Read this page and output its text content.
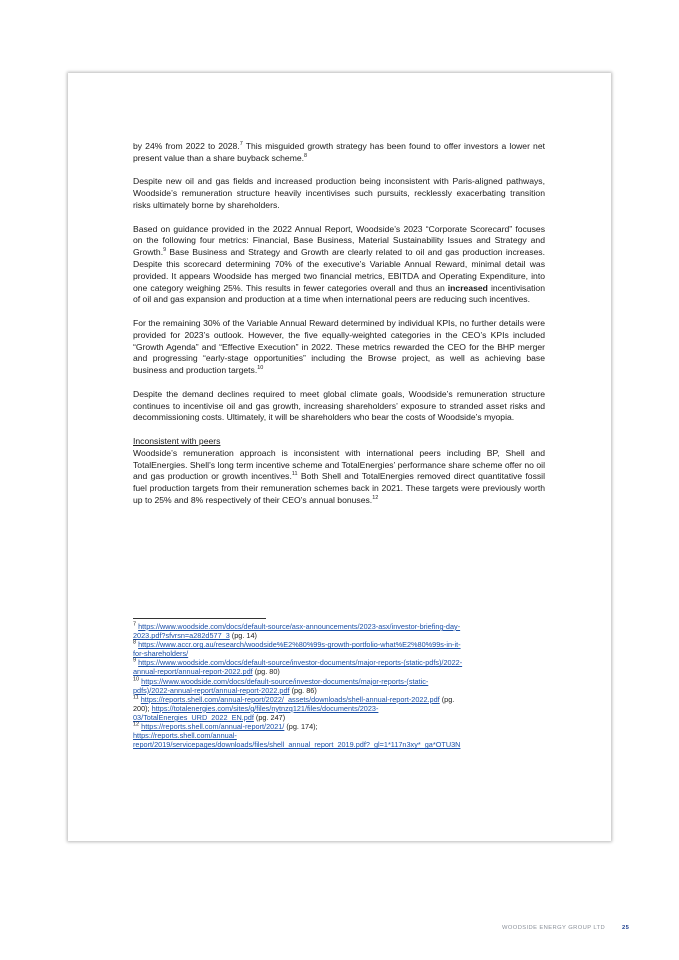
by 24% from 2022 to 2028.$^7$ This misguided growth strategy has been found to offer investors a lower net present value than a share buyback scheme.$^8$

Despite new oil and gas fields and increased production being inconsistent with Paris-aligned pathways, Woodside’s remuneration structure heavily incentivises such pursuits, recklessly exacerbating transition risks ultimately borne by shareholders.

Based on guidance provided in the 2022 Annual Report, Woodside’s 2023 “Corporate Scorecard” focuses on the following four metrics: Financial, Base Business, Material Sustainability Issues and Strategy and Growth.$^9$ Base Business and Strategy and Growth are clearly related to oil and gas production increases. Despite this scorecard determining 70% of the executive’s Variable Annual Reward, minimal detail was provided. It appears Woodside has merged two financial metrics, EBITDA and Operating Expenditure, into one category weighing 25%. This results in fewer categories overall and thus an increased incentivisation of oil and gas expansion and production at a time when international peers are reducing such incentives.

For the remaining 30% of the Variable Annual Reward determined by individual KPIs, no further details were provided for 2023’s outlook. However, the five equally-weighted categories in the CEO’s KPIs included “Growth Agenda” and “Effective Execution” in 2022. These metrics rewarded the CEO for the BHP merger and progressing “early-stage opportunities” including the Browse project, as well as achieving base business and production targets.$^{10}$

Despite the demand declines required to meet global climate goals, Woodside’s remuneration structure continues to incentivise oil and gas growth, increasing shareholders’ exposure to stranded asset risks and decommissioning costs. Ultimately, it will be shareholders who bear the costs of Woodside’s myopia.

Inconsistent with peers
Woodside’s remuneration approach is inconsistent with international peers including BP, Shell and TotalEnergies. Shell’s long term incentive scheme and TotalEnergies’ performance share scheme offer no oil and gas production or growth incentives.$^{11}$ Both Shell and TotalEnergies removed direct quantitative fossil fuel production targets from their remuneration schemes back in 2021. These targets were previously worth up to 25% and 8% respectively of their CEO’s annual bonuses.$^{12}$

$^7$ https://www.woodside.com/docs/default-source/asx-announcements/2023-asx/investor-briefing-day-
2023.pdf?sfvrsn=a282d577_3 (pg. 14)
$^8$ https://www.accr.org.au/research/woodside%E2%80%99s-growth-portfolio-what%E2%80%99s-in-it-
for-shareholders/
$^9$ https://www.woodside.com/docs/default-source/investor-documents/major-reports-(static-pdfs)/2022-
annual-report/annual-report-2022.pdf (pg. 80)
$^{10}$ https://www.woodside.com/docs/default-source/investor-documents/major-reports-(static-
pdfs)/2022-annual-report/annual-report-2022.pdf (pg. 86)
$^{11}$ https://reports.shell.com/annual-report/2022/_assets/downloads/shell-annual-report-2022.pdf (pg.
200); https://totalenergies.com/sites/g/files/nytnzq121/files/documents/2023-
03/TotalEnergies_URD_2022_EN.pdf (pg. 247)
$^{12}$ https://reports.shell.com/annual-report/2021/ (pg. 174);
https://reports.shell.com/annual-
report/2019/servicepages/downloads/files/shell_annual_report_2019.pdf?_gl=1*117n3xy*_ga*OTU3N
WOODSIDE ENERGY GROUP LTD	25
